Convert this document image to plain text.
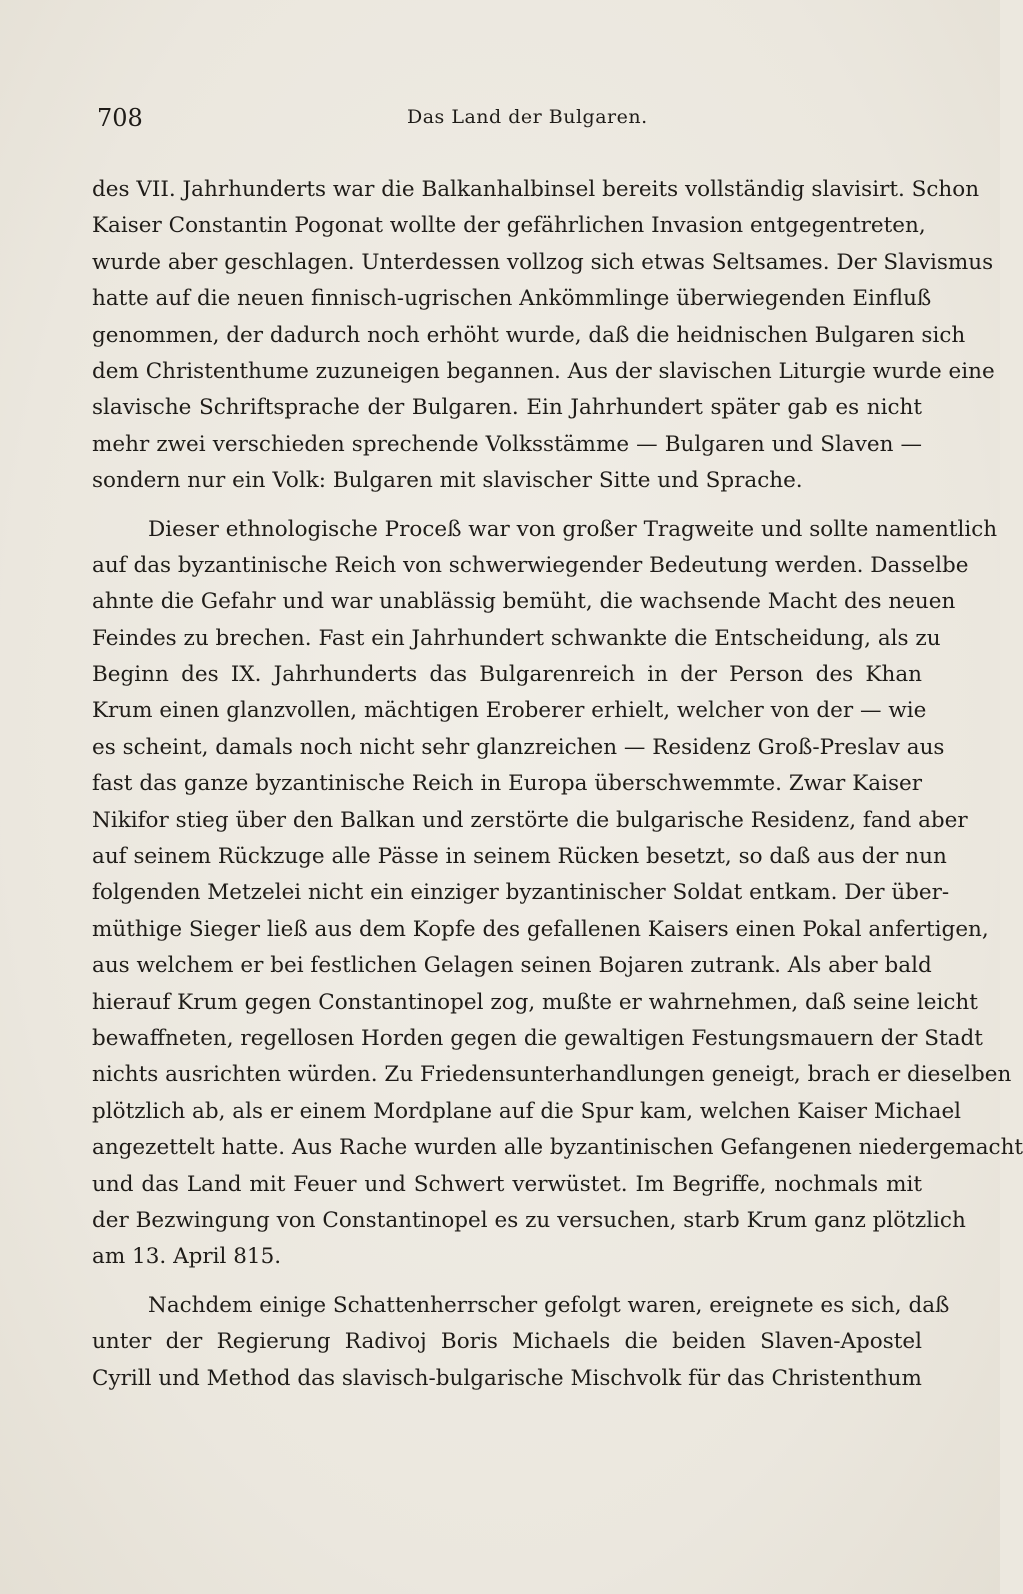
708	Das Land der Bulgaren.
des VII. Jahrhunderts war die Balkanhalbinsel bereits vollständig slavisirt. Schon
Kaiser Constantin Pogonat wollte der gefährlichen Invasion entgegentreten,
wurde aber geschlagen. Unterdessen vollzog sich etwas Seltsames. Der Slavismus
hatte auf die neuen finnisch-ugrischen Ankömmlinge überwiegenden Einfluß
genommen, der dadurch noch erhöht wurde, daß die heidnischen Bulgaren sich
dem Christenthume zuzuneigen begannen. Aus der slavischen Liturgie wurde eine
slavische Schriftsprache der Bulgaren. Ein Jahrhundert später gab es nicht
mehr zwei verschieden sprechende Volksstämme — Bulgaren und Slaven —
sondern nur ein Volk: Bulgaren mit slavischer Sitte und Sprache.
Dieser ethnologische Proceß war von großer Tragweite und sollte namentlich
auf das byzantinische Reich von schwerwiegender Bedeutung werden. Dasselbe
ahnte die Gefahr und war unablässig bemüht, die wachsende Macht des neuen
Feindes zu brechen. Fast ein Jahrhundert schwankte die Entscheidung, als zu
Beginn des IX. Jahrhunderts das Bulgarenreich in der Person des Khan
Krum einen glanzvollen, mächtigen Eroberer erhielt, welcher von der — wie
es scheint, damals noch nicht sehr glanzreichen — Residenz Groß-Preslav aus
fast das ganze byzantinische Reich in Europa überschwemmte. Zwar Kaiser
Nikifor stieg über den Balkan und zerstörte die bulgarische Residenz, fand aber
auf seinem Rückzuge alle Pässe in seinem Rücken besetzt, so daß aus der nun
folgenden Metzelei nicht ein einziger byzantinischer Soldat entkam. Der über-
müthige Sieger ließ aus dem Kopfe des gefallenen Kaisers einen Pokal anfertigen,
aus welchem er bei festlichen Gelagen seinen Bojaren zutrank. Als aber bald
hierauf Krum gegen Constantinopel zog, mußte er wahrnehmen, daß seine leicht
bewaffneten, regellosen Horden gegen die gewaltigen Festungsmauern der Stadt
nichts ausrichten würden. Zu Friedensunterhandlungen geneigt, brach er dieselben
plötzlich ab, als er einem Mordplane auf die Spur kam, welchen Kaiser Michael
angezettelt hatte. Aus Rache wurden alle byzantinischen Gefangenen niedergemacht
und das Land mit Feuer und Schwert verwüstet. Im Begriffe, nochmals mit
der Bezwingung von Constantinopel es zu versuchen, starb Krum ganz plötzlich
am 13. April 815.
Nachdem einige Schattenherrscher gefolgt waren, ereignete es sich, daß
unter der Regierung Radivoj Boris Michaels die beiden Slaven-Apostel
Cyrill und Method das slavisch-bulgarische Mischvolk für das Christenthum
